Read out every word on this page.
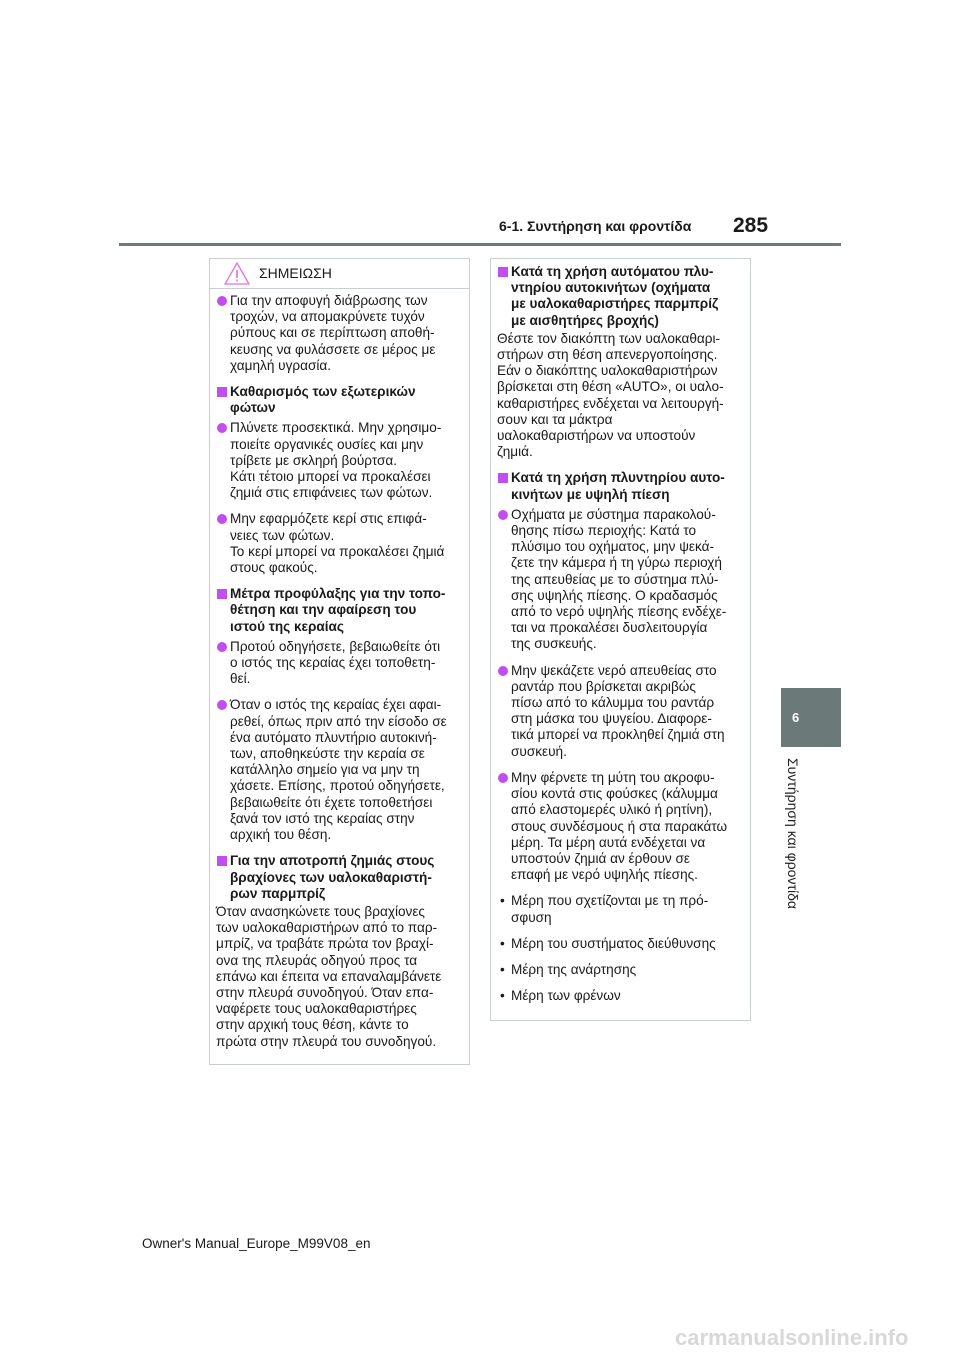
6-1. Συντήρηση και φροντίδα 285
ΣΗΜΕΙΩΣΗ
Για την αποφυγή διάβρωσης των
τροχών, να απομακρύνετε τυχόν
ρύπους και σε περίπτωση αποθή-
κευσης να φυλάσσετε σε μέρος με
χαμηλή υγρασία.
Καθαρισμός των εξωτερικών
φώτων
Πλύνετε προσεκτικά. Μην χρησιμο-
ποιείτε οργανικές ουσίες και μην
τρίβετε με σκληρή βούρτσα.
Κάτι τέτοιο μπορεί να προκαλέσει
ζημιά στις επιφάνειες των φώτων.
Μην εφαρμόζετε κερί στις επιφά-
νειες των φώτων.
Το κερί μπορεί να προκαλέσει ζημιά
στους φακούς.
Μέτρα προφύλαξης για την τοπο-
θέτηση και την αφαίρεση του
ιστού της κεραίας
Προτού οδηγήσετε, βεβαιωθείτε ότι
ο ιστός της κεραίας έχει τοποθετη-
θεί.
Όταν ο ιστός της κεραίας έχει αφαι-
ρεθεί, όπως πριν από την είσοδο σε
ένα αυτόματο πλυντήριο αυτοκινή-
των, αποθηκεύστε την κεραία σε
κατάλληλο σημείο για να μην τη
χάσετε. Επίσης, προτού οδηγήσετε,
βεβαιωθείτε ότι έχετε τοποθετήσει
ξανά τον ιστό της κεραίας στην
αρχική του θέση.
Για την αποτροπή ζημιάς στους
βραχίονες των υαλοκαθαριστή-
ρων παρμπρίζ
Όταν ανασηκώνετε τους βραχίονες
των υαλοκαθαριστήρων από το παρ-
μπρίζ, να τραβάτε πρώτα τον βραχί-
ονα της πλευράς οδηγού προς τα
επάνω και έπειτα να επαναλαμβάνετε
στην πλευρά συνοδηγού. Όταν επα-
ναφέρετε τους υαλοκαθαριστήρες
στην αρχική τους θέση, κάντε το
πρώτα στην πλευρά του συνοδηγού.
Κατά τη χρήση αυτόματου πλυ-
ντηρίου αυτοκινήτων (οχήματα
με υαλοκαθαριστήρες παρμπρίζ
με αισθητήρες βροχής)
Θέστε τον διακόπτη των υαλοκαθαρι-
στήρων στη θέση απενεργοποίησης.
Εάν ο διακόπτης υαλοκαθαριστήρων
βρίσκεται στη θέση «AUTO», οι υαλο-
καθαριστήρες ενδέχεται να λειτουργή-
σουν και τα μάκτρα
υαλοκαθαριστήρων να υποστούν
ζημιά.
Κατά τη χρήση πλυντηρίου αυτο-
κινήτων με υψηλή πίεση
Οχήματα με σύστημα παρακολού-
θησης πίσω περιοχής: Κατά το
πλύσιμο του οχήματος, μην ψεκά-
ζετε την κάμερα ή τη γύρω περιοχή
της απευθείας με το σύστημα πλύ-
σης υψηλής πίεσης. Ο κραδασμός
από το νερό υψηλής πίεσης ενδέχε-
ται να προκαλέσει δυσλειτουργία
της συσκευής.
Μην ψεκάζετε νερό απευθείας στο
ραντάρ που βρίσκεται ακριβώς
πίσω από το κάλυμμα του ραντάρ
στη μάσκα του ψυγείου. Διαφορε-
τικά μπορεί να προκληθεί ζημιά στη
συσκευή.
Μην φέρνετε τη μύτη του ακροφυ-
σίου κοντά στις φούσκες (κάλυμμα
από ελαστομερές υλικό ή ρητίνη),
στους συνδέσμους ή στα παρακάτω
μέρη. Τα μέρη αυτά ενδέχεται να
υποστούν ζημιά αν έρθουν σε
επαφή με νερό υψηλής πίεσης.
• Μέρη που σχετίζονται με τη πρό-
σφυση
• Μέρη του συστήματος διεύθυνσης
• Μέρη της ανάρτησης
• Μέρη των φρένων
6
Συντήρηση και φροντίδα
Owner's Manual_Europe_M99V08_en
carmanualsonline.info
